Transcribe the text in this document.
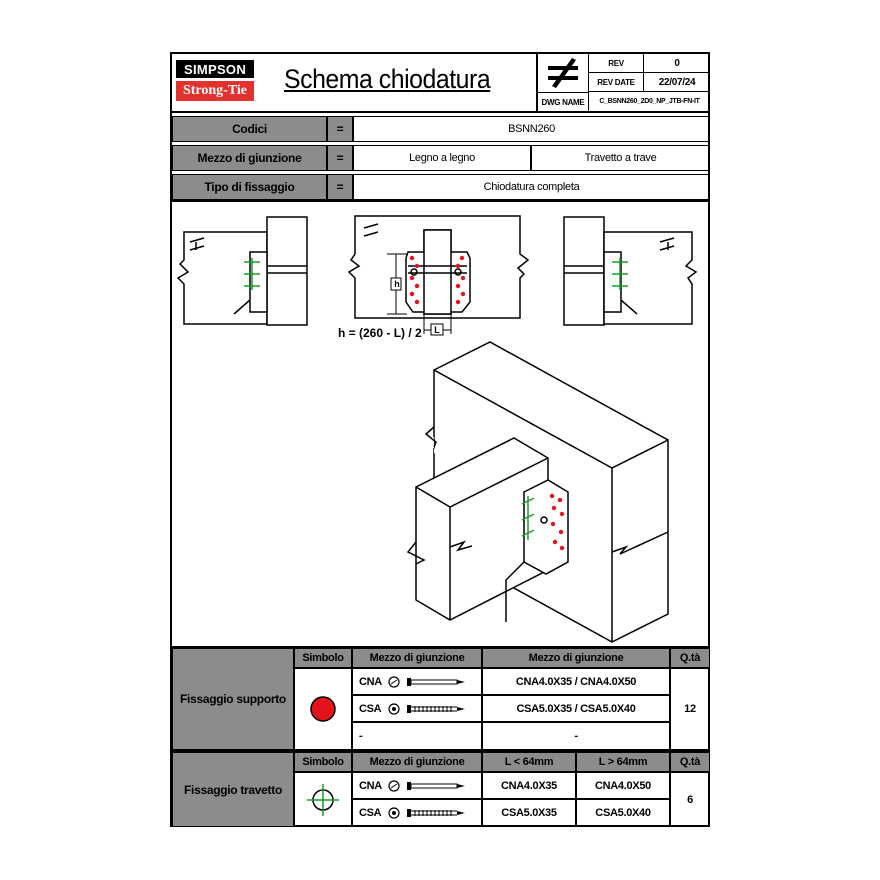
SIMPSON
Strong-Tie Schema chiodatura
DWG NAME
REV	0
REV DATE	22/07/24
C_BSNN260_2D0_NP_JTB-FN-IT
Codici	=	BSNN260
Mezzo di giunzione	=	Legno a legno	Travetto a trave
Tipo di fissaggio	=	Chiodatura completa
h
L
h = (260 - L) / 2
Fissaggio supporto
Simbolo	Mezzo di giunzione	Mezzo di giunzione	Q.tà
CNA	CNA4.0X35 / CNA4.0X50
CSA	CSA5.0X35 / CSA5.0X40
-	-
12
Fissaggio travetto
Simbolo	Mezzo di giunzione	L < 64mm	L > 64mm	Q.tà
CNA	CNA4.0X35	CNA4.0X50
CSA	CSA5.0X35	CSA5.0X40
6
